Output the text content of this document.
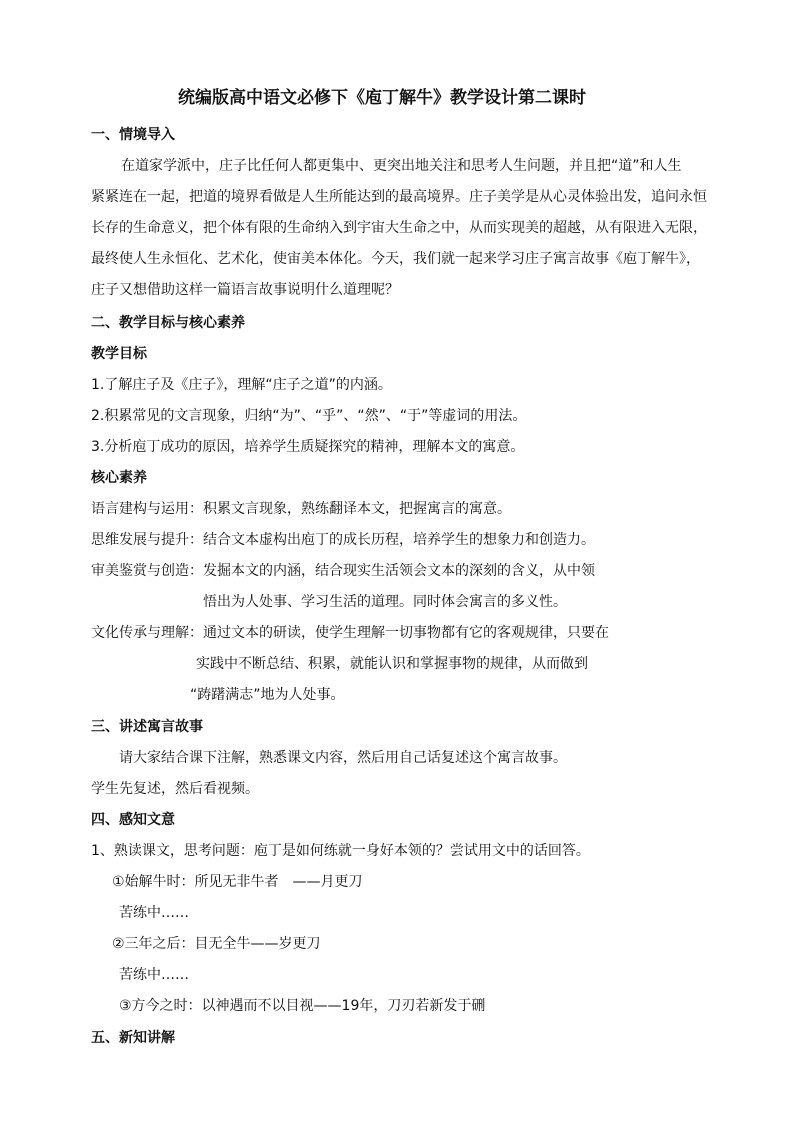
统编版高中语文必修下《庖丁解牛》教学设计第二课时
一、情境导入
在道家学派中，庄子比任何人都更集中、更突出地关注和思考人生问题，并且把“道”和人生
紧紧连在一起，把道的境界看做是人生所能达到的最高境界。庄子美学是从心灵体验出发，追问永恒
长存的生命意义，把个体有限的生命纳入到宇宙大生命之中，从而实现美的超越，从有限进入无限，
最终使人生永恒化、艺术化，使宙美本体化。今天，我们就一起来学习庄子寓言故事《庖丁解牛》，
庄子又想借助这样一篇语言故事说明什么道理呢？
二、教学目标与核心素养
教学目标
1.了解庄子及《庄子》，理解“庄子之道”的内涵。
2.积累常见的文言现象，归纳“为”、“乎”、“然”、“于”等虚词的用法。
3.分析庖丁成功的原因，培养学生质疑探究的精神，理解本文的寓意。
核心素养
语言建构与运用：积累文言现象，熟练翻译本文，把握寓言的寓意。
思维发展与提升：结合文本虚构出庖丁的成长历程，培养学生的想象力和创造力。
审美鉴赏与创造：发掘本文的内涵，结合现实生活领会文本的深刻的含义，从中领
悟出为人处事、学习生活的道理。同时体会寓言的多义性。
文化传承与理解：通过文本的研读，使学生理解一切事物都有它的客观规律，只要在
实践中不断总结、积累，就能认识和掌握事物的规律，从而做到
“踌躇满志”地为人处事。
三、讲述寓言故事
请大家结合课下注解，熟悉课文内容，然后用自己话复述这个寓言故事。
学生先复述，然后看视频。
四、感知文意
1、熟读课文，思考问题：庖丁是如何练就一身好本领的？尝试用文中的话回答。
①始解牛时：所见无非牛者　——月更刀
苦练中……
②三年之后：目无全牛——岁更刀
苦练中……
③方今之时：以神遇而不以目视——19年，刀刃若新发于硎
五、新知讲解
